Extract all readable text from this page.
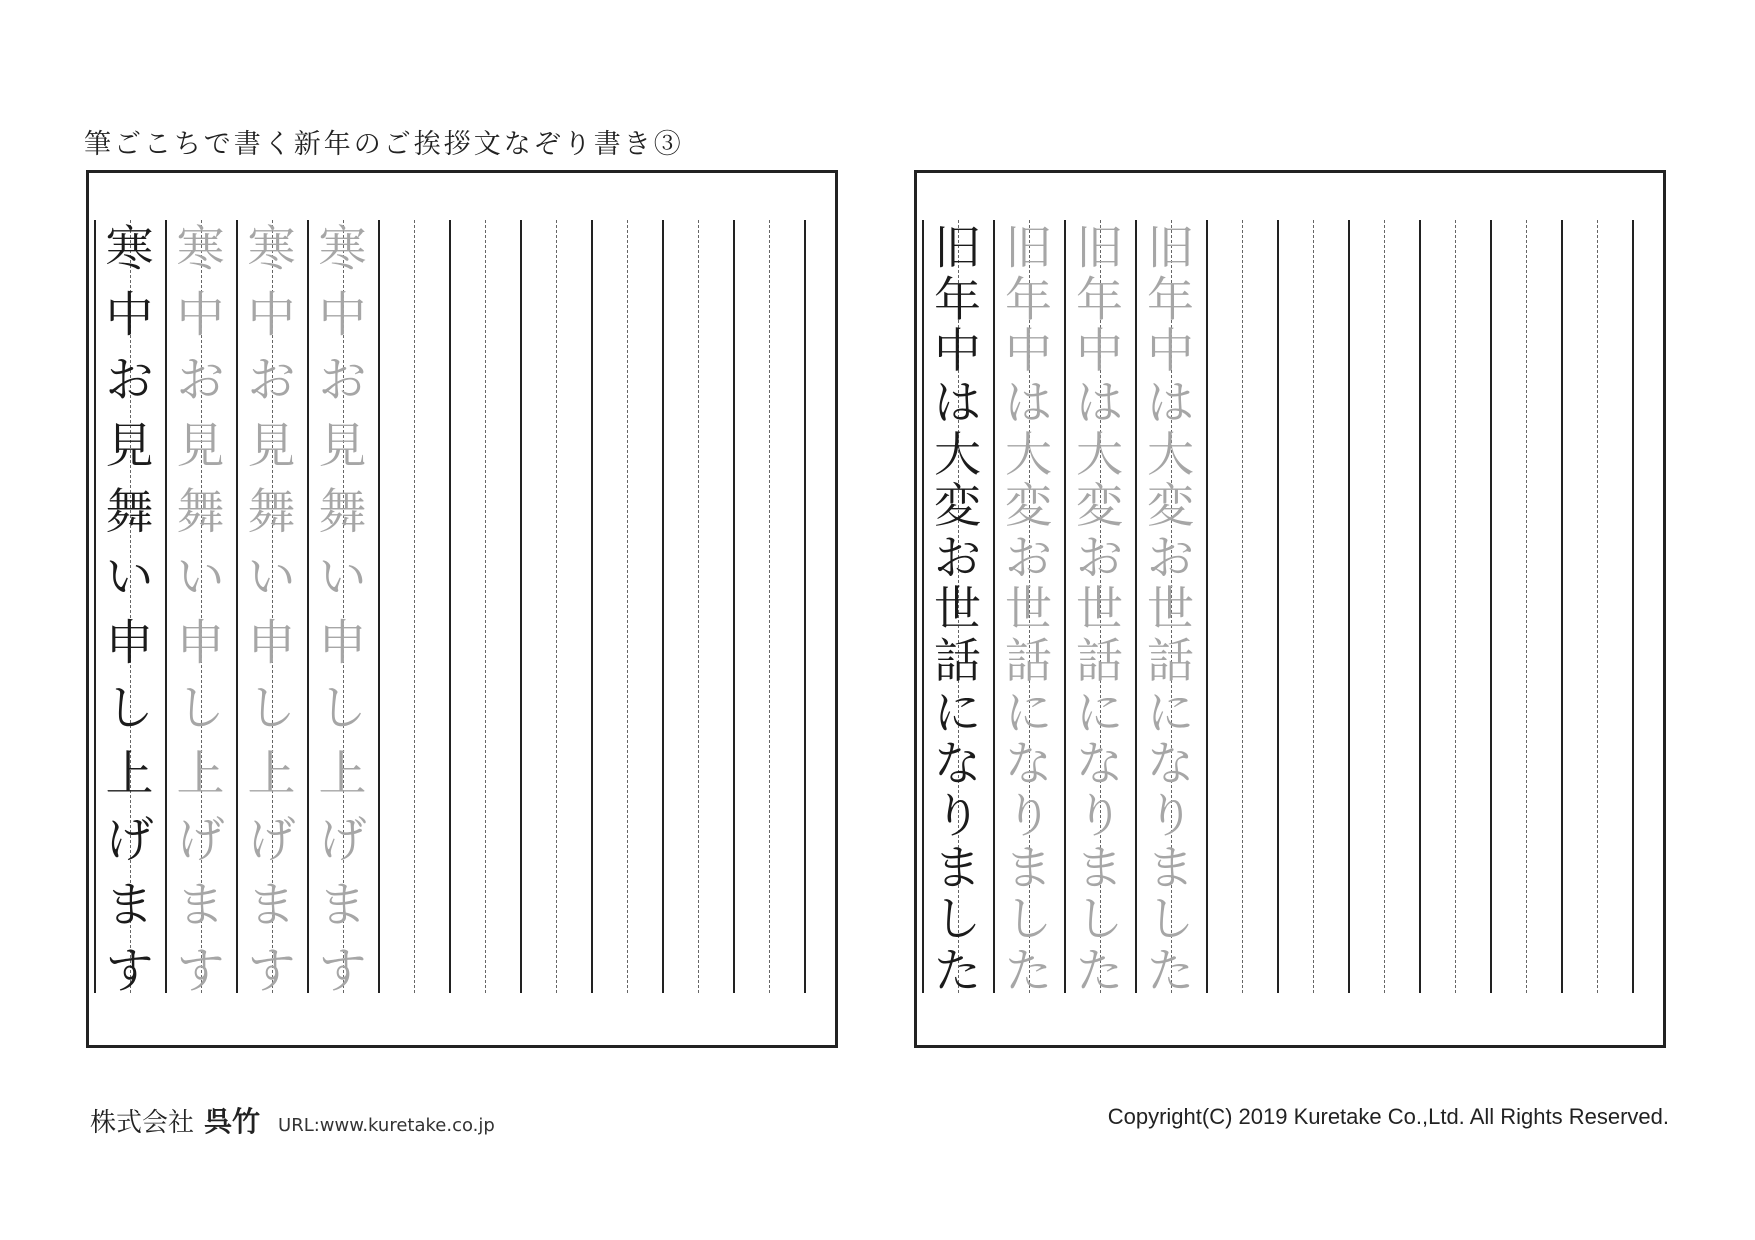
筆ごこちで書く新年のご挨拶文なぞり書き③
寒
中
お
見
舞
い
申
し
上
げ
ま
す
寒
中
お
見
舞
い
申
し
上
げ
ま
す
寒
中
お
見
舞
い
申
し
上
げ
ま
す
寒
中
お
見
舞
い
申
し
上
げ
ま
す
旧
年
中
は
大
変
お
世
話
に
な
り
ま
し
た
旧
年
中
は
大
変
お
世
話
に
な
り
ま
し
た
旧
年
中
は
大
変
お
世
話
に
な
り
ま
し
た
旧
年
中
は
大
変
お
世
話
に
な
り
ま
し
た
株式会社 呉竹 URL:www.kuretake.co.jp	Copyright(C) 2019 Kuretake Co.,Ltd. All Rights Reserved.
